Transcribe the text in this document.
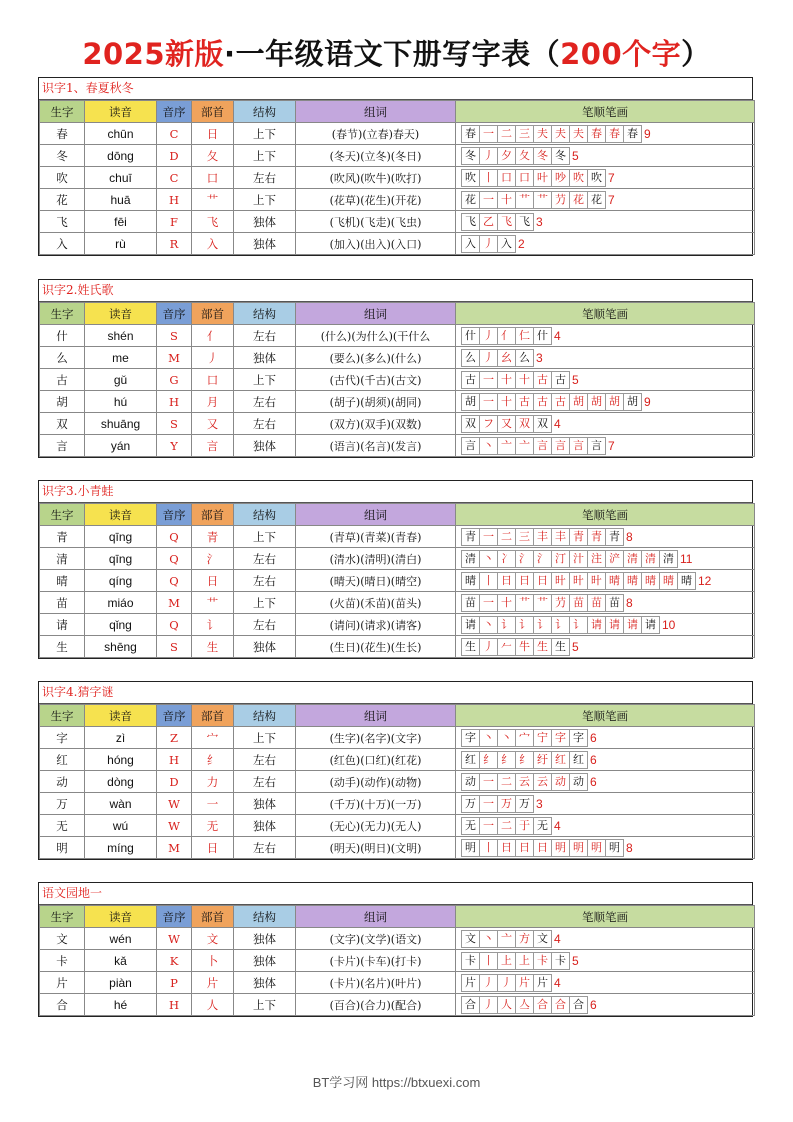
2025新版·一年级语文下册写字表（200个字）
识字1、春夏秋冬
生字	读音	音序	部首	结构	组词	笔顺笔画
春	chūn	C	日	上下	(春节)(立春)春天)	春 一 二 三 夫 夫 夫 春 春 春 9
冬	dōng	D	夂	上下	(冬天)(立冬)(冬日)	冬 丿 夕 夂 冬 冬 5
吹	chuī	C	口	左右	(吹风)(吹牛)(吹打)	吹 丨 口 口 叶 吵 吹 吹 7
花	huā	H	艹	上下	(花草)(花生)(开花)	花 一 十 艹 艹 芀 花 花 7
飞	fēi	F	飞	独体	(飞机)(飞走)(飞虫)	飞 乙 飞 飞 3
入	rù	R	入	独体	(加入)(出入)(入口)	入 丿 入 2
识字2.姓氏歌
生字	读音	音序	部首	结构	组词	笔顺笔画
什	shén	S	亻	左右	(什么)(为什么)(干什么	什 丿 亻 仁 什 4
么	me	M	丿	独体	(要么)(多么)(什么)	么 丿 幺 么 3
古	gǔ	G	口	上下	(古代)(千古)(古文)	古 一 十 十 古 古 5
胡	hú	H	月	左右	(胡子)(胡须)(胡同)	胡 一 十 古 古 古 胡 胡 胡 胡 9
双	shuāng	S	又	左右	(双方)(双手)(双数)	双 フ 又 双 双 4
言	yán	Y	言	独体	(语言)(名言)(发言)	言 丶 亠 亠 言 言 言 言 7
识字3.小青蛙
生字	读音	音序	部首	结构	组词	笔顺笔画
青	qīng	Q	青	上下	(青草)(青菜)(青春)	青 一 二 三 丰 丰 青 青 青 8
清	qīng	Q	氵	左右	(清水)(清明)(清白)	清 丶 冫 氵 氵 汀 汁 注 浐 清 清 清 11
晴	qíng	Q	日	左右	(晴天)(晴日)(晴空)	晴 丨 日 日 日 旪 旪 旪 晴 晴 晴 晴 晴 12
苗	miáo	M	艹	上下	(火苗)(禾苗)(苗头)	苗 一 十 艹 艹 芀 苗 苗 苗 8
请	qǐng	Q	讠	左右	(请问)(请求)(请客)	请 丶 讠 讠 讠 讠 讠 请 请 请 请 10
生	shēng	S	生	独体	(生日)(花生)(生长)	生 丿 𠂉 牛 生 生 5
识字4.猜字谜
生字	读音	音序	部首	结构	组词	笔顺笔画
字	zì	Z	宀	上下	(生字)(名字)(文字)	字 丶 丶 宀 宁 字 字 6
红	hóng	H	纟	左右	(红色)(口红)(红花)	红 纟 纟 纟 纡 红 红 6
动	dòng	D	力	左右	(动手)(动作)(动物)	动 一 二 云 云 动 动 6
万	wàn	W	一	独体	(千万)(十万)(一万)	万 一 万 万 3
无	wú	W	无	独体	(无心)(无力)(无人)	无 一 二 于 无 4
明	míng	M	日	左右	(明天)(明日)(文明)	明 丨 日 日 日 明 明 明 明 8
语文园地一
生字	读音	音序	部首	结构	组词	笔顺笔画
文	wén	W	文	独体	(文字)(文学)(语文)	文 丶 亠 方 文 4
卡	kǎ	K	卜	独体	(卡片)(卡车)(打卡)	卡 丨 上 上 卡 卡 5
片	piàn	P	片	独体	(卡片)(名片)(叶片)	片 丿 丿 片 片 4
合	hé	H	人	上下	(百合)(合力)(配合)	合 丿 人 亼 合 合 合 6
BT学习网 https://btxuexi.com
